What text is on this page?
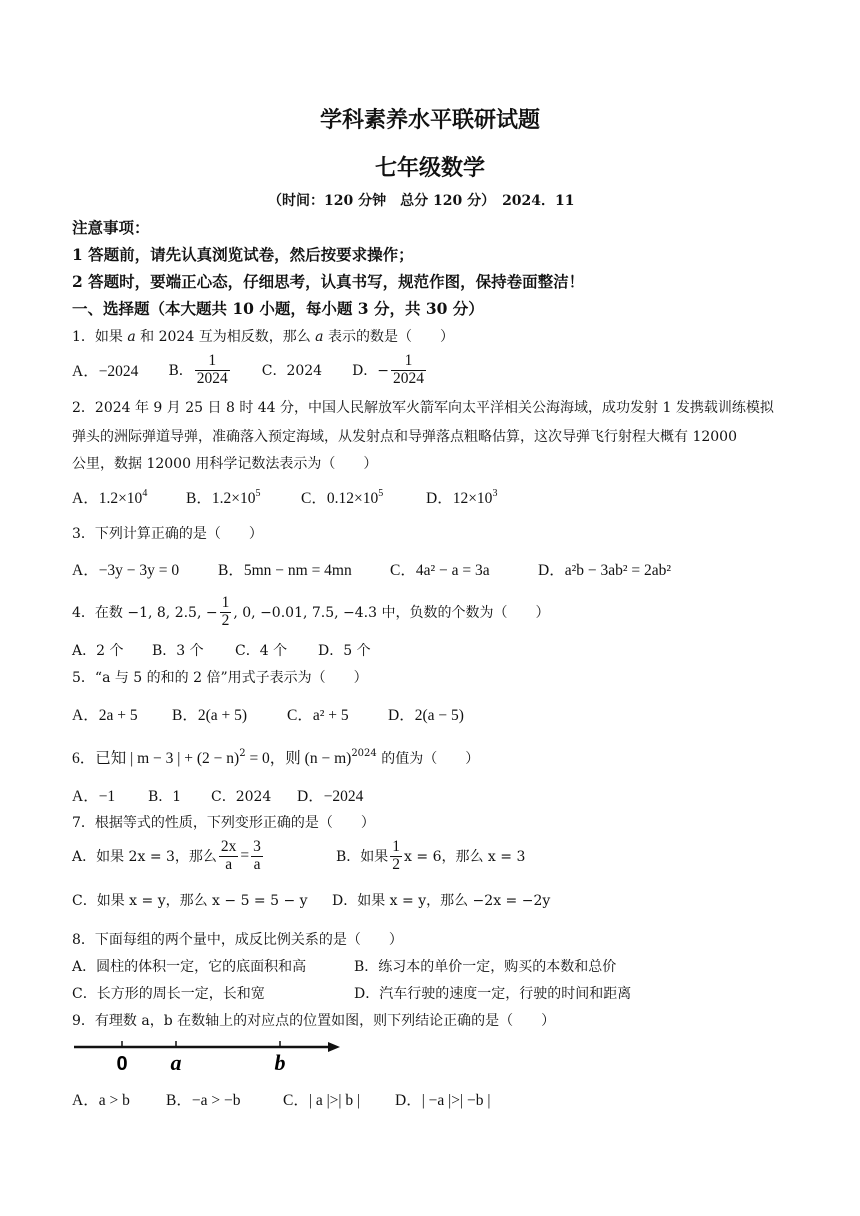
学科素养水平联研试题
七年级数学
（时间：120 分钟　总分 120 分）　2024．11
注意事项：
1 答题前，请先认真浏览试卷，然后按要求操作；
2 答题时，要端正心态，仔细思考，认真书写，规范作图，保持卷面整洁！
一、选择题（本大题共 10 小题，每小题 3 分，共 30 分）
1．如果 a 和 2024 互为相反数，那么 a 表示的数是（　　）
A．−2024 B． $\frac{1}{2024}$ C．2024 D．− $\frac{1}{2024}$
2．2024 年 9 月 25 日 8 时 44 分，中国人民解放军火箭军向太平洋相关公海海域，成功发射 1 发携载训练模拟
弹头的洲际弹道导弹，准确落入预定海域，从发射点和导弹落点粗略估算，这次导弹飞行射程大概有 12000
公里，数据 12000 用科学记数法表示为（　　）
A．$1.2\times 10^4$ B．$1.2\times 10^5$	C．$0.12\times 10^5$	D．$12\times 10^3$
3．下列计算正确的是（　　）
A．−3y − 3y = 0	B．5mn − nm = 4mn C．4a² − a = 3a	D．a²b − 3ab² = 2ab²
4．在数 −1, 8, 2.5, − $\frac{1}{2}$ , 0, −0.01, 7.5, −4.3 中，负数的个数为（　　）
A．2 个 B．3 个 C．4 个 D．5 个
5．“a 与 5 的和的 2 倍”用式子表示为（　　）
A．2a + 5 B．2(a + 5)	C．a² + 5	D．2(a − 5)
6．已知 | m − 3 | + $(2 - n)^2 = 0$，则 $(n - m)^{2024}$ 的值为（　　）
A．−1 B．1 C．2024 D．−2024
7．根据等式的性质，下列变形正确的是（　　）
A．如果 2x = 3，那么 $\frac{2x}{a} = \frac{3}{a}$	B．如果 $\frac{1}{2}$ x = 6，那么 x = 3
C．如果 x = y，那么 x − 5 = 5 − y D．如果 x = y，那么 −2x = −2y
8．下面每组的两个量中，成反比例关系的是（　　）
A．圆柱的体积一定，它的底面积和高	B．练习本的单价一定，购买的本数和总价
C．长方形的周长一定，长和宽	D．汽车行驶的速度一定，行驶的时间和距离
9．有理数 a，b 在数轴上的对应点的位置如图，则下列结论正确的是（　　）
0 a	b
A．a > b B．−a > −b	C．| a |>| b | D．| −a |>| −b |
